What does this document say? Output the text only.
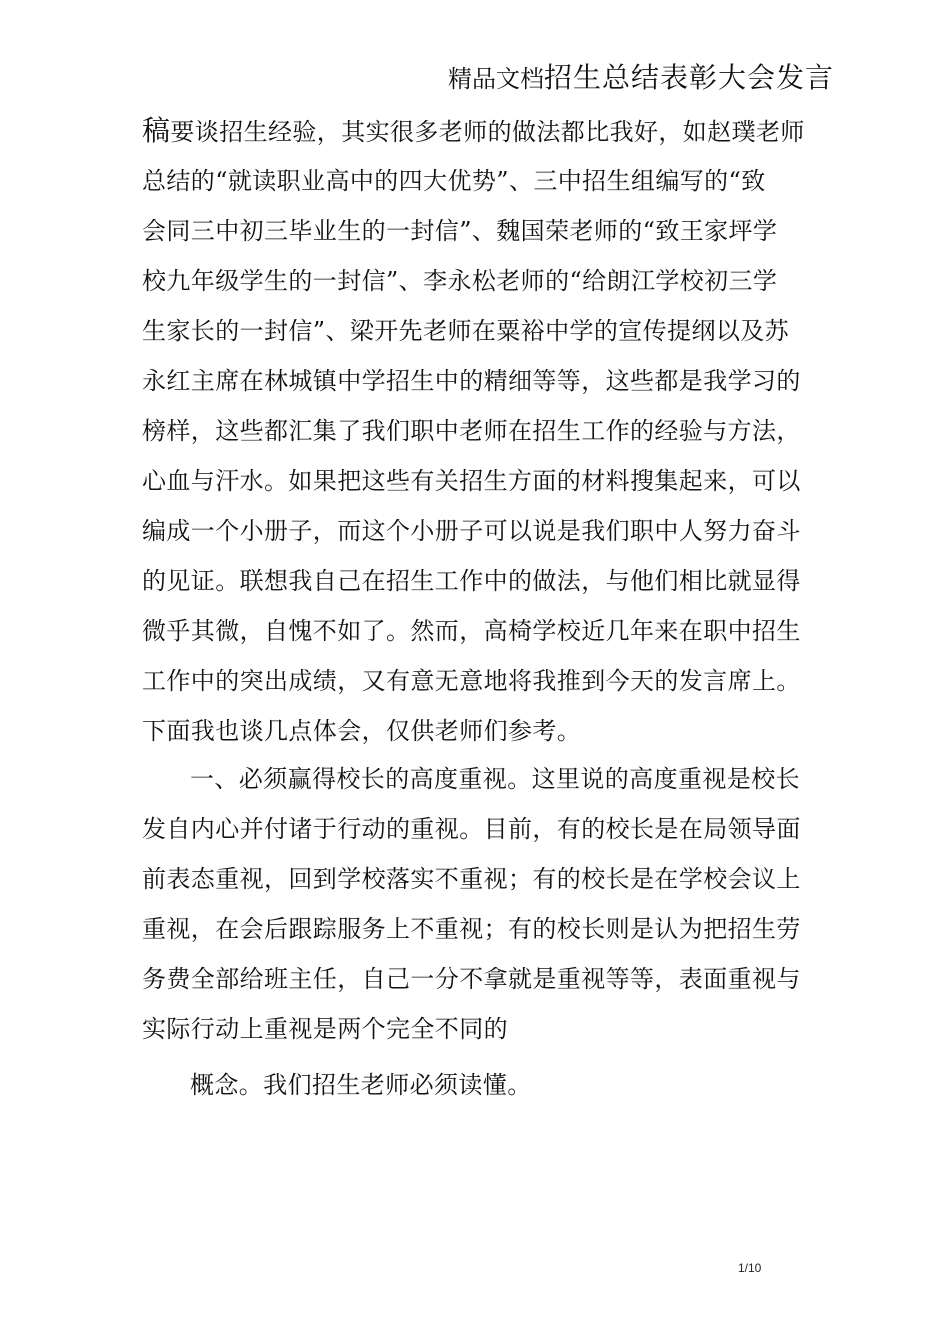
精品文档招生总结表彰大会发言
稿要谈招生经验，其实很多老师的做法都比我好，如赵璞老师
总结的“就读职业高中的四大优势”、三中招生组编写的“致
会同三中初三毕业生的一封信”、魏国荣老师的“致王家坪学
校九年级学生的一封信”、李永松老师的“给朗江学校初三学
生家长的一封信”、梁开先老师在粟裕中学的宣传提纲以及苏
永红主席在林城镇中学招生中的精细等等，这些都是我学习的
榜样，这些都汇集了我们职中老师在招生工作的经验与方法，
心血与汗水。如果把这些有关招生方面的材料搜集起来，可以
编成一个小册子，而这个小册子可以说是我们职中人努力奋斗
的见证。联想我自己在招生工作中的做法，与他们相比就显得
微乎其微，自愧不如了。然而，高椅学校近几年来在职中招生
工作中的突出成绩，又有意无意地将我推到今天的发言席上。
下面我也谈几点体会，仅供老师们参考。
一、必须赢得校长的高度重视。这里说的高度重视是校长
发自内心并付诸于行动的重视。目前，有的校长是在局领导面
前表态重视，回到学校落实不重视；有的校长是在学校会议上
重视，在会后跟踪服务上不重视；有的校长则是认为把招生劳
务费全部给班主任，自己一分不拿就是重视等等，表面重视与
实际行动上重视是两个完全不同的
概念。我们招生老师必须读懂。
1/10
